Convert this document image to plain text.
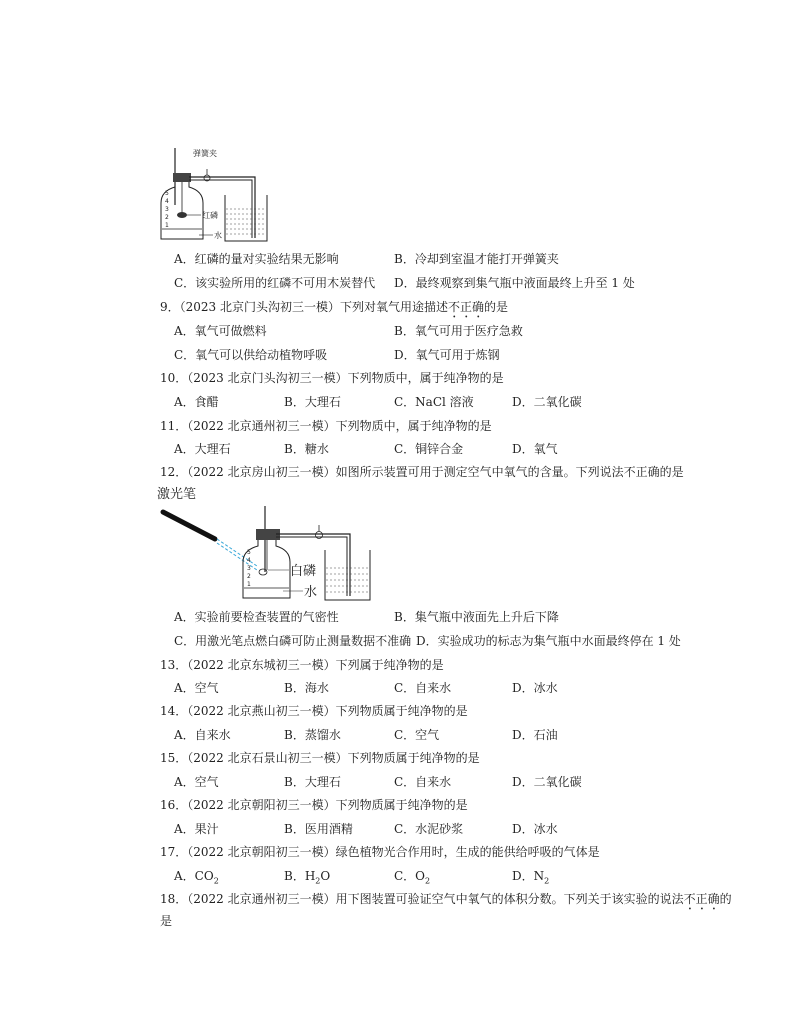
5
4
3
2
1
弹簧夹
红磷
水
A．红磷的量对实验结果无影响	B．冷却到室温才能打开弹簧夹
C．该实验所用的红磷不可用木炭替代 D．最终观察到集气瓶中液面最终上升至 1 处
9．（2023 北京门头沟初三一模）下列对氧气用途描述不正确的是
A．氧气可做燃料	B．氧气可用于医疗急救
C．氧气可以供给动植物呼吸	D．氧气可用于炼钢
10．（2023 北京门头沟初三一模）下列物质中，属于纯净物的是
A．食醋	B．大理石	C．NaCl 溶液	D．二氧化碳
11．（2022 北京通州初三一模）下列物质中，属于纯净物的是
A．大理石	B．糖水	C．铜锌合金	D．氧气
12．（2022 北京房山初三一模）如图所示装置可用于测定空气中氧气的含量。下列说法不正确的是
激光笔
5
4
3
2
1
白磷
水
A．实验前要检查装置的气密性	B．集气瓶中液面先上升后下降
C．用激光笔点燃白磷可防止测量数据不准确 D．实验成功的标志为集气瓶中水面最终停在 1 处
13．（2022 北京东城初三一模）下列属于纯净物的是
A．空气	B．海水	C．自来水	D．冰水
14．（2022 北京燕山初三一模）下列物质属于纯净物的是
A．自来水	B．蒸馏水	C．空气	D．石油
15．（2022 北京石景山初三一模）下列物质属于纯净物的是
A．空气	B．大理石	C．自来水	D．二氧化碳
16．（2022 北京朝阳初三一模）下列物质属于纯净物的是
A．果汁	B．医用酒精	C．水泥砂浆	D．冰水
17．（2022 北京朝阳初三一模）绿色植物光合作用时，生成的能供给呼吸的气体是
A．$CO_2$	B．$H_2O$	C．$O_2$	D．$N_2$
18．（2022 北京通州初三一模）用下图装置可验证空气中氧气的体积分数。下列关于该实验的说法不正确的
是
